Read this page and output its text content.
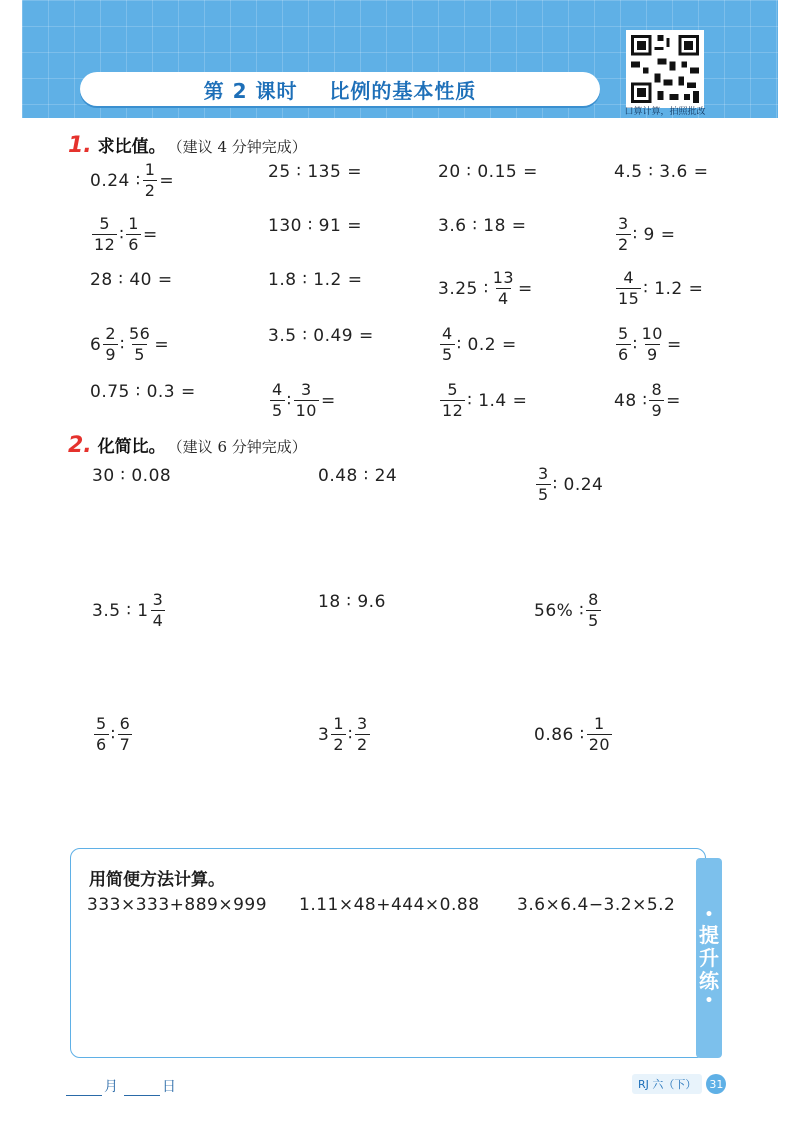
第 2 课时    比例的基本性质
口算计算，拍照批改
1. 求比值。 （建议 4 分钟完成）
0.24 ∶ $\frac{1}{2}$ =	25 ∶ 135 =	20 ∶ 0.15 =	4.5 ∶ 3.6 =
$\frac{5}{12}$ ∶ $\frac{1}{6}$ =	130 ∶ 91 =	3.6 ∶ 18 =	$\frac{3}{2}$ ∶ 9 =
28 ∶ 40 =	1.8 ∶ 1.2 =	3.25 ∶ $\frac{13}{4}$ =	$\frac{4}{15}$ ∶ 1.2 =
$6 \frac{2}{9}$ ∶ $\frac{56}{5}$ =	3.5 ∶ 0.49 =	$\frac{4}{5}$ ∶ 0.2 =	$\frac{5}{6}$ ∶ $\frac{10}{9}$ =
0.75 ∶ 0.3 =	$\frac{4}{5}$ ∶ $\frac{3}{10}$ =	$\frac{5}{12}$ ∶ 1.4 =	48 ∶ $\frac{8}{9}$ =
2. 化简比。 （建议 6 分钟完成）
30 ∶ 0.08	0.48 ∶ 24	$\frac{3}{5}$ ∶ 0.24
3.5 ∶ $1 \frac{3}{4}$	18 ∶ 9.6	56% ∶ $\frac{8}{5}$
$\frac{5}{6}$ ∶ $\frac{6}{7}$	$3 \frac{1}{2}$ ∶ $\frac{3}{2}$	0.86 ∶ $\frac{1}{20}$
用简便方法计算。
333×333+889×999 1.11×48+444×0.88 3.6×6.4−3.2×5.2
•
提
升
练
•
月	日	RJ 六（下）	31
